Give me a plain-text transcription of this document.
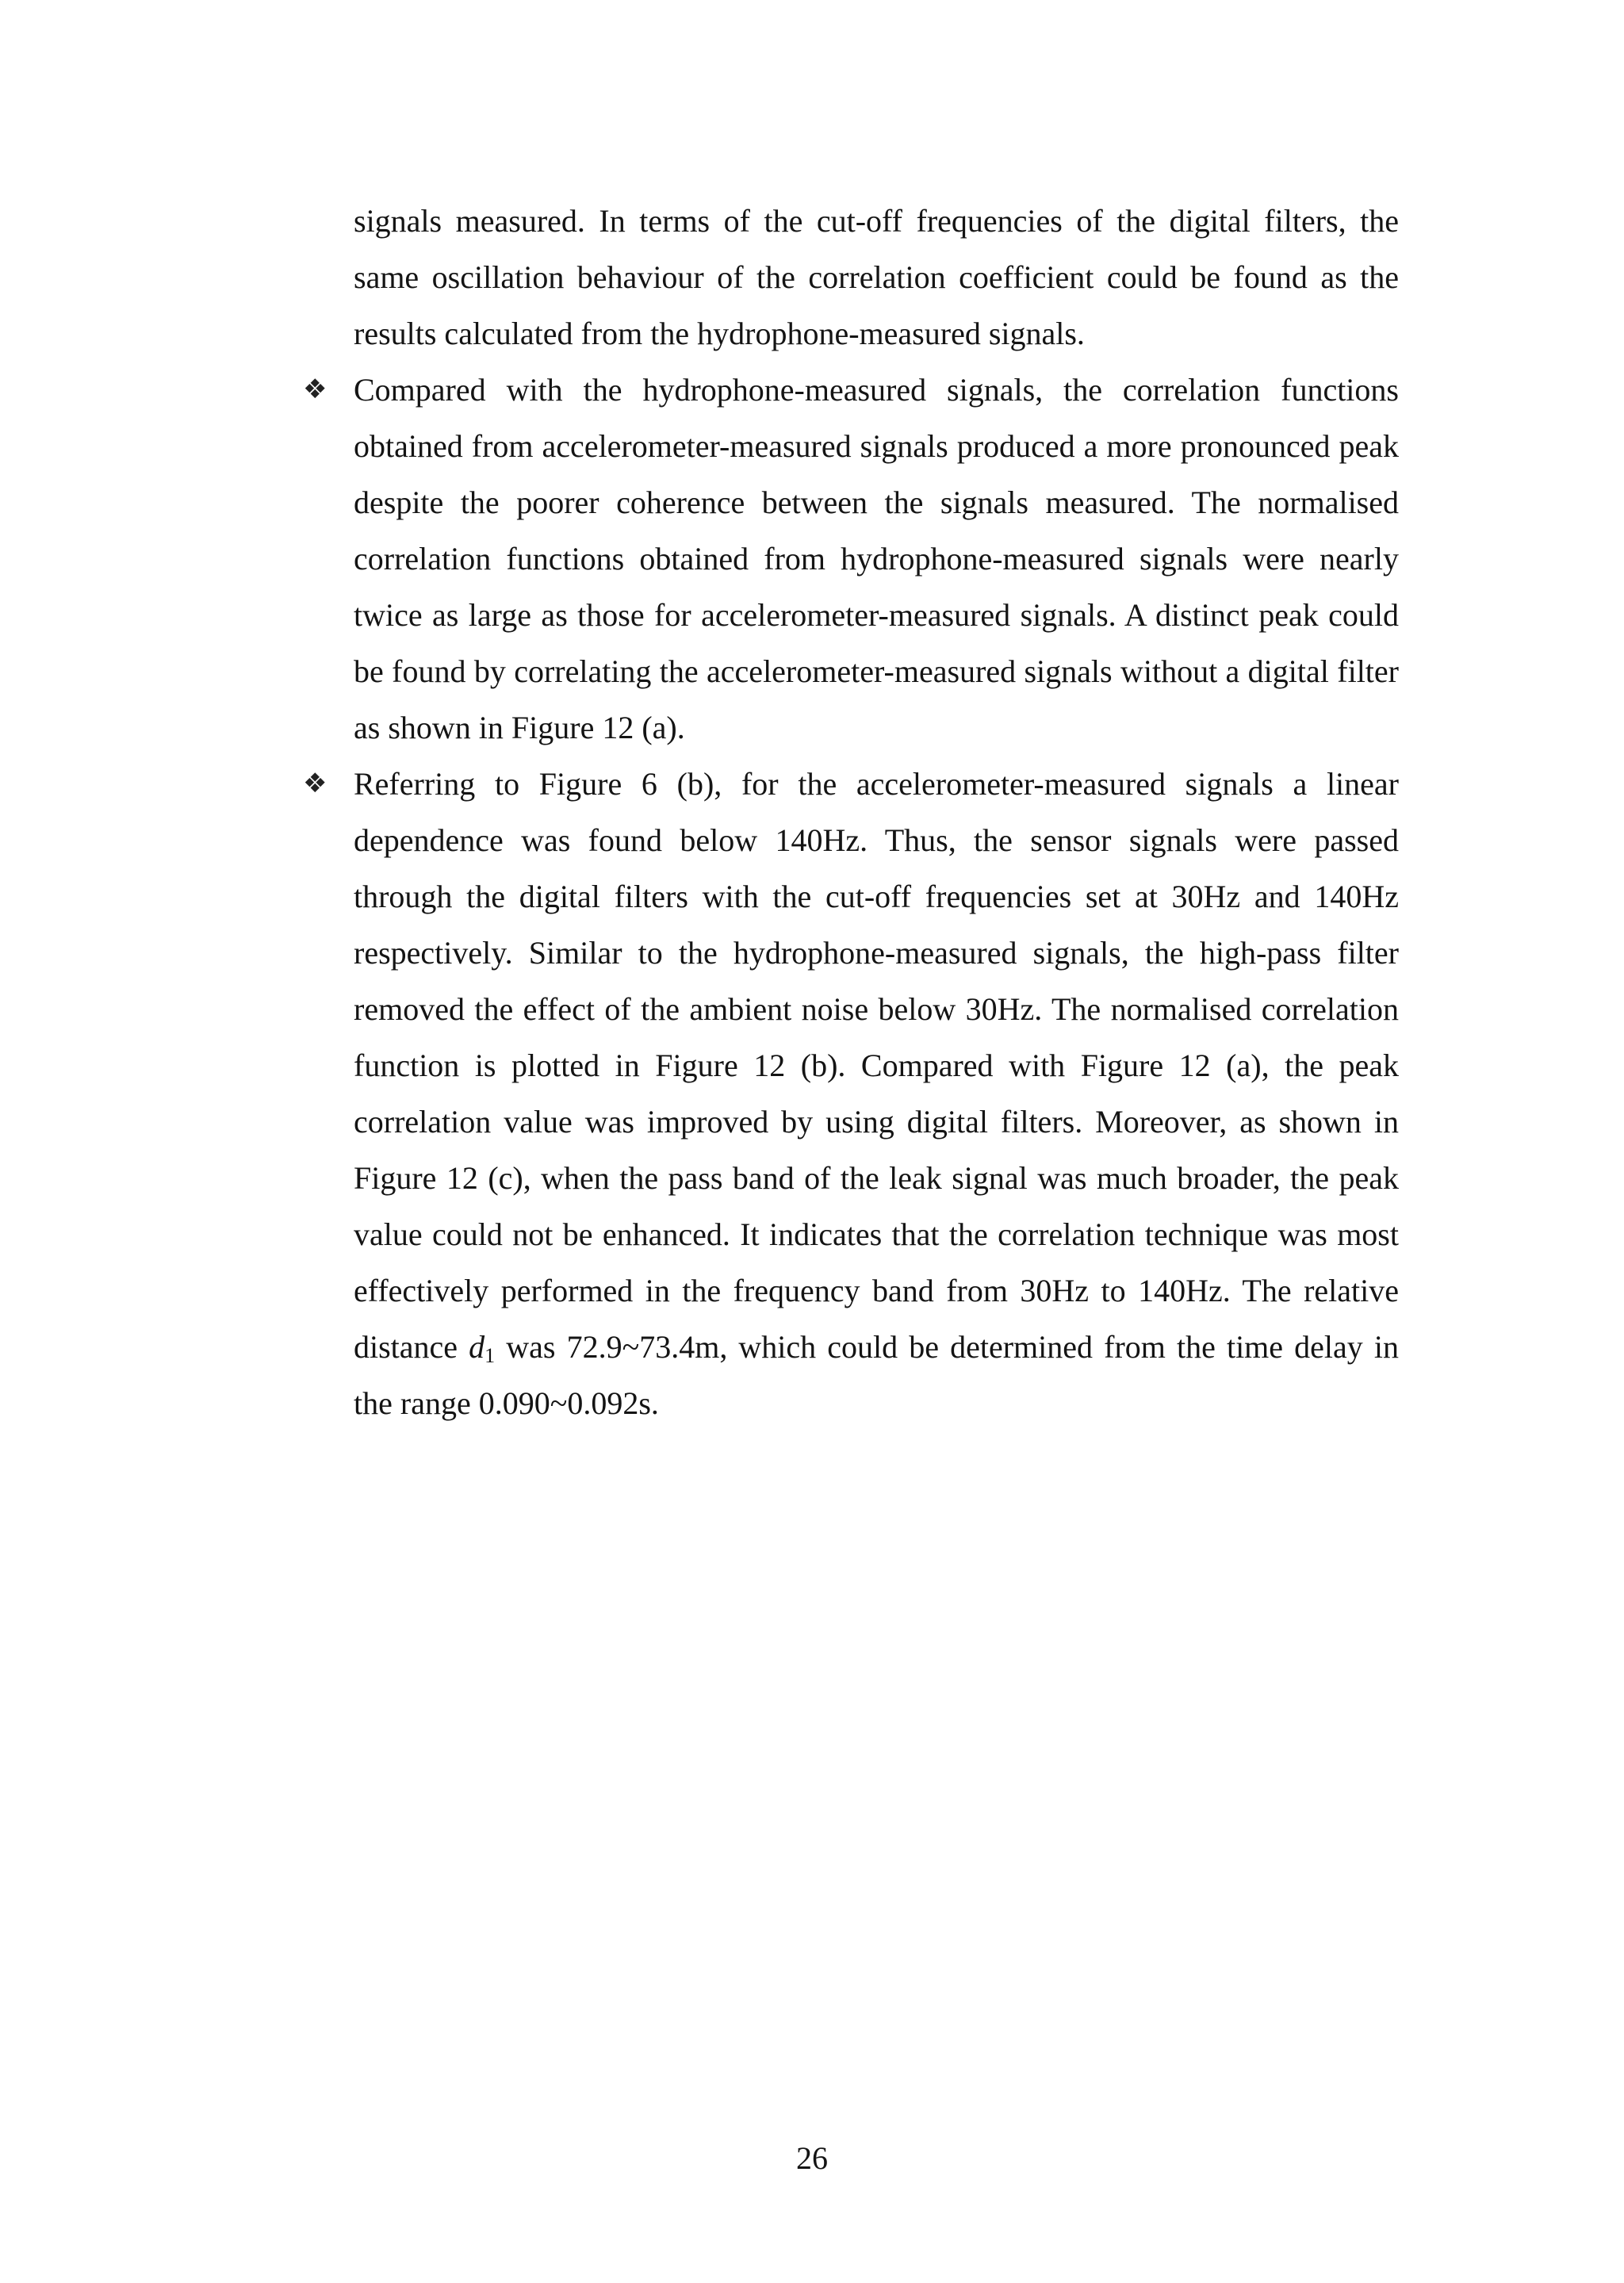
signals measured. In terms of the cut-off frequencies of the digital filters, the same oscillation behaviour of the correlation coefficient could be found as the results calculated from the hydrophone-measured signals.

❖ Compared with the hydrophone-measured signals, the correlation functions obtained from accelerometer-measured signals produced a more pronounced peak despite the poorer coherence between the signals measured. The normalised correlation functions obtained from hydrophone-measured signals were nearly twice as large as those for accelerometer-measured signals. A distinct peak could be found by correlating the accelerometer-measured signals without a digital filter as shown in Figure 12 (a).
❖ Referring to Figure 6 (b), for the accelerometer-measured signals a linear dependence was found below 140Hz. Thus, the sensor signals were passed through the digital filters with the cut-off frequencies set at 30Hz and 140Hz respectively. Similar to the hydrophone-measured signals, the high-pass filter removed the effect of the ambient noise below 30Hz. The normalised correlation function is plotted in Figure 12 (b). Compared with Figure 12 (a), the peak correlation value was improved by using digital filters. Moreover, as shown in Figure 12 (c), when the pass band of the leak signal was much broader, the peak value could not be enhanced. It indicates that the correlation technique was most effectively performed in the frequency band from 30Hz to 140Hz. The relative distance $d_1$ was 72.9~73.4m, which could be determined from the time delay in the range 0.090~0.092s.
26
